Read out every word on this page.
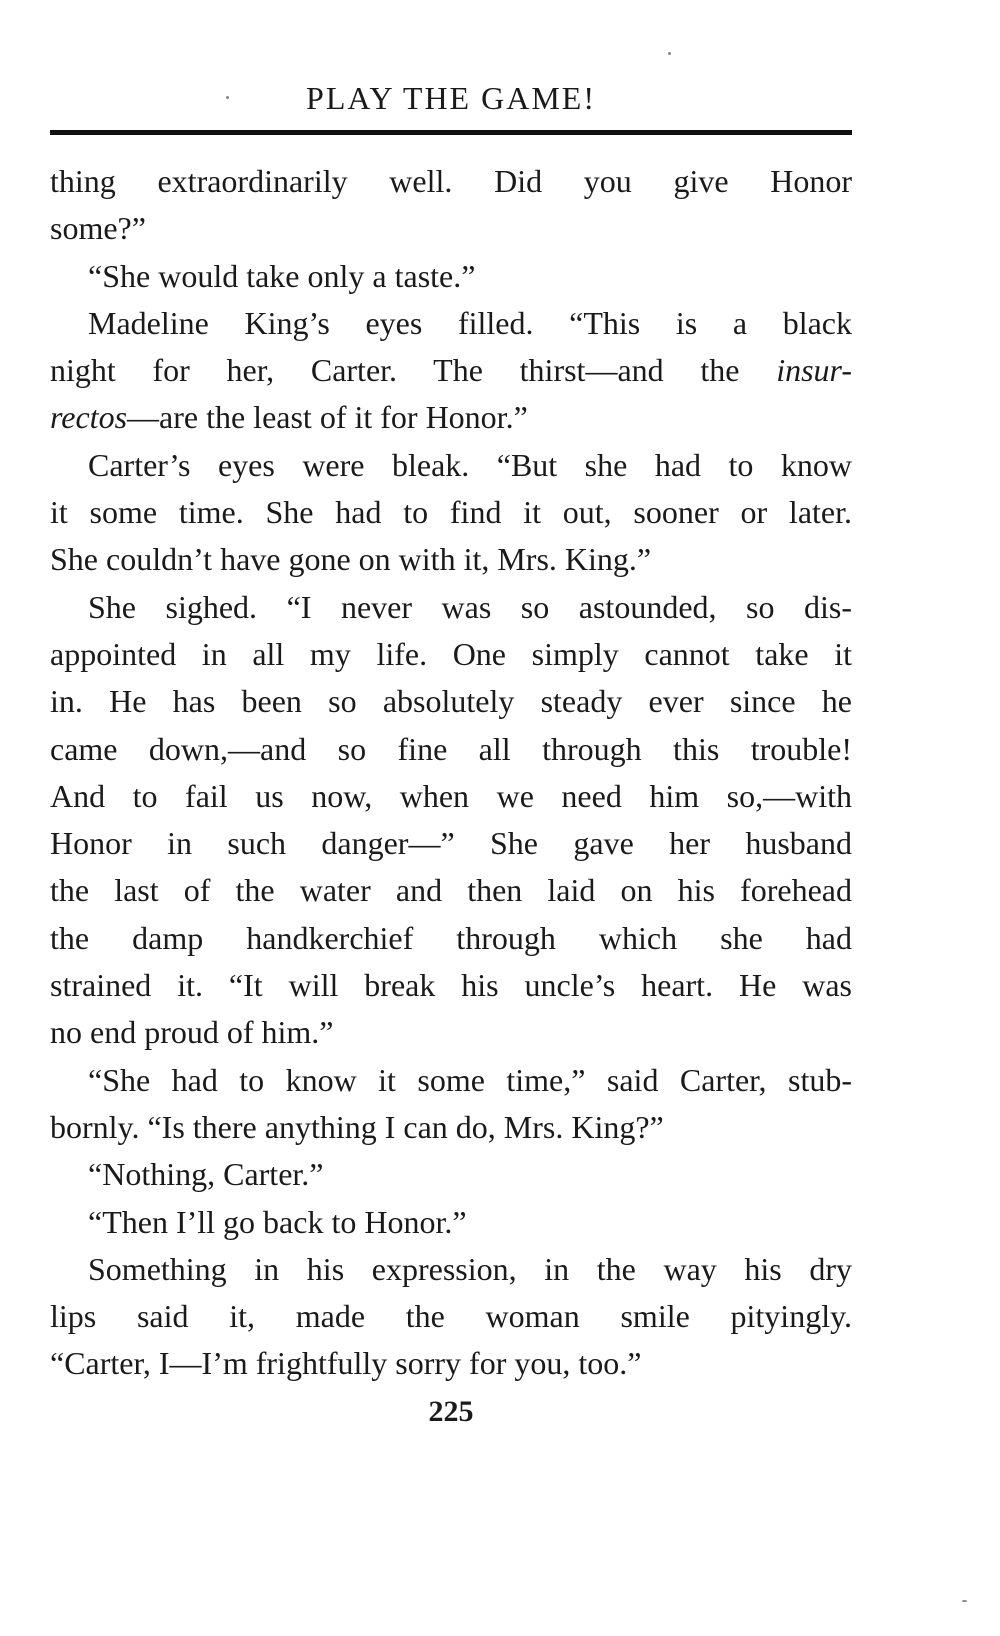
PLAY THE GAME!
thing extraordinarily well. Did you give Honor
some?”
“She would take only a taste.”
Madeline King’s eyes filled. “This is a black
night for her, Carter. The thirst—and the insur-
rectos—are the least of it for Honor.”
Carter’s eyes were bleak. “But she had to know
it some time. She had to find it out, sooner or later.
She couldn’t have gone on with it, Mrs. King.”
She sighed. “I never was so astounded, so dis-
appointed in all my life. One simply cannot take it
in. He has been so absolutely steady ever since he
came down,—and so fine all through this trouble!
And to fail us now, when we need him so,—with
Honor in such danger—” She gave her husband
the last of the water and then laid on his forehead
the damp handkerchief through which she had
strained it. “It will break his uncle’s heart. He was
no end proud of him.”
“She had to know it some time,” said Carter, stub-
bornly. “Is there anything I can do, Mrs. King?”
“Nothing, Carter.”
“Then I’ll go back to Honor.”
Something in his expression, in the way his dry
lips said it, made the woman smile pityingly.
“Carter, I—I’m frightfully sorry for you, too.”
225
